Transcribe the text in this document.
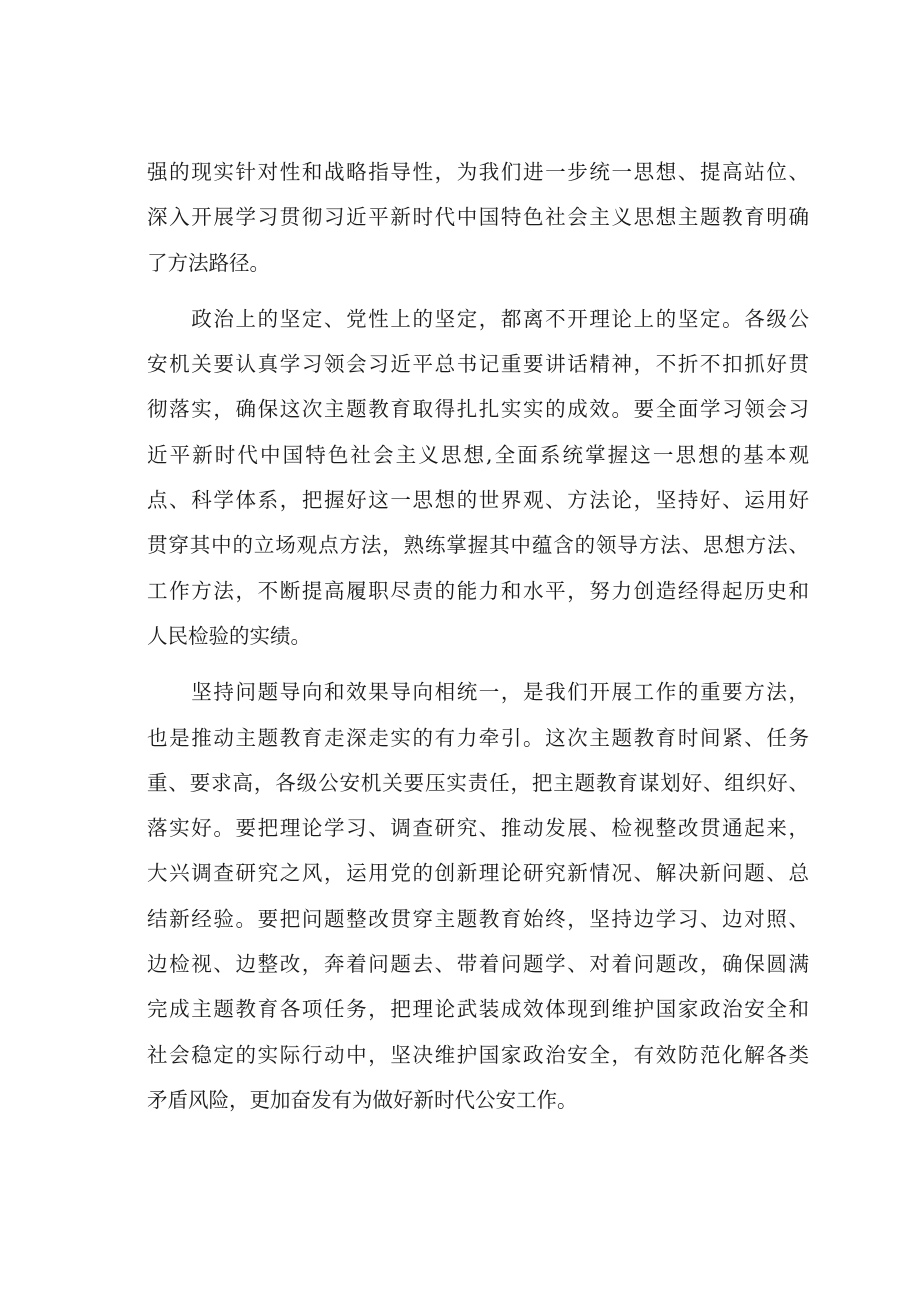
强的现实针对性和战略指导性，为我们进一步统一思想、提高站位、
深入开展学习贯彻习近平新时代中国特色社会主义思想主题教育明确
了方法路径。
　　政治上的坚定、党性上的坚定，都离不开理论上的坚定。各级公
安机关要认真学习领会习近平总书记重要讲话精神，不折不扣抓好贯
彻落实，确保这次主题教育取得扎扎实实的成效。要全面学习领会习
近平新时代中国特色社会主义思想,全面系统掌握这一思想的基本观
点、科学体系，把握好这一思想的世界观、方法论，坚持好、运用好
贯穿其中的立场观点方法，熟练掌握其中蕴含的领导方法、思想方法、
工作方法，不断提高履职尽责的能力和水平，努力创造经得起历史和
人民检验的实绩。
　　坚持问题导向和效果导向相统一，是我们开展工作的重要方法，
也是推动主题教育走深走实的有力牵引。这次主题教育时间紧、任务
重、要求高，各级公安机关要压实责任，把主题教育谋划好、组织好、
落实好。要把理论学习、调查研究、推动发展、检视整改贯通起来，
大兴调查研究之风，运用党的创新理论研究新情况、解决新问题、总
结新经验。要把问题整改贯穿主题教育始终，坚持边学习、边对照、
边检视、边整改，奔着问题去、带着问题学、对着问题改，确保圆满
完成主题教育各项任务，把理论武装成效体现到维护国家政治安全和
社会稳定的实际行动中，坚决维护国家政治安全，有效防范化解各类
矛盾风险，更加奋发有为做好新时代公安工作。
